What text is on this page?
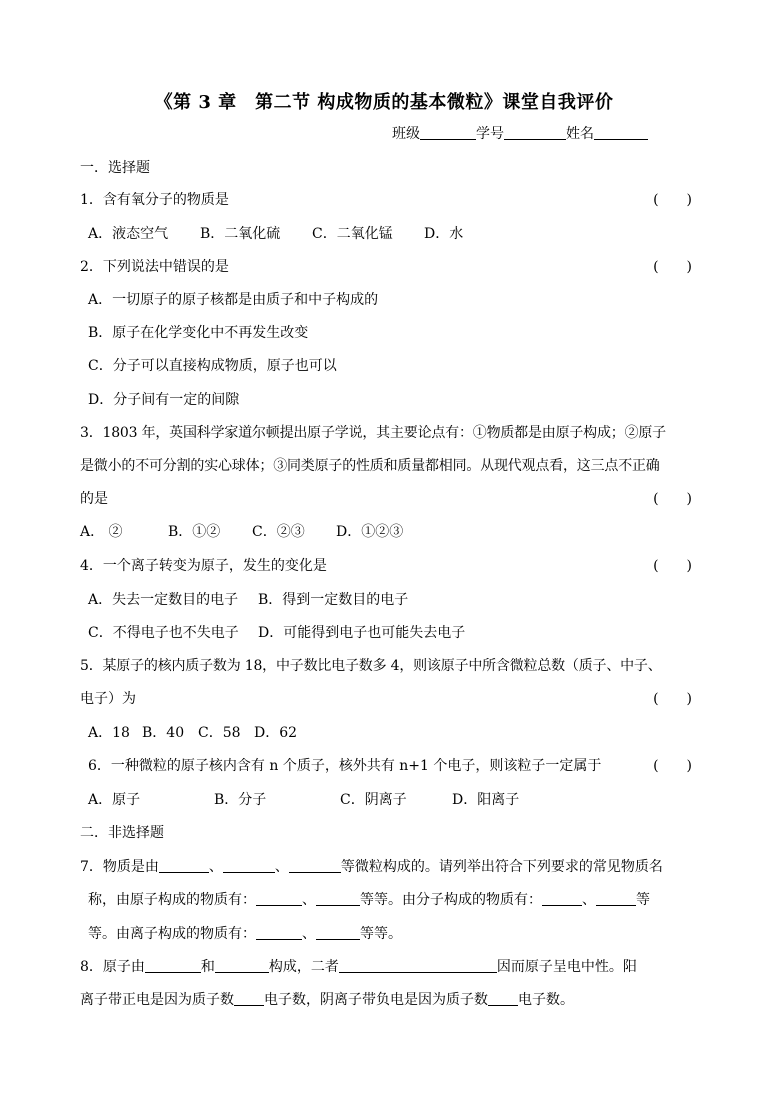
《第 3 章　第二节 构成物质的基本微粒》课堂自我评价
班级	学号	姓名
一．选择题
1．含有氧分子的物质是	(　　)
A．液态空气 B．二氧化硫 C．二氧化锰 D．水
2．下列说法中错误的是	(　　)
A．一切原子的原子核都是由质子和中子构成的
B．原子在化学变化中不再发生改变
C．分子可以直接构成物质，原子也可以
D．分子间有一定的间隙
3．1803 年，英国科学家道尔顿提出原子学说，其主要论点有：①物质都是由原子构成；②原子
是微小的不可分割的实心球体；③同类原子的性质和质量都相同。从现代观点看，这三点不正确
的是	(　　)
A． ②	B．①② C．②③ D．①②③
4．一个离子转变为原子，发生的变化是	(　　)
A．失去一定数目的电子 B．得到一定数目的电子
C．不得电子也不失电子 D．可能得到电子也可能失去电子
5．某原子的核内质子数为 18，中子数比电子数多 4，则该原子中所含微粒总数（质子、中子、
电子）为	(　　)
A．18 B．40 C．58 D．62
6．一种微粒的原子核内含有 n 个质子，核外共有 n+1 个电子，则该粒子一定属于	(　　)
A．原子	B．分子	C．阴离子	D．阳离子
二．非选择题
7．物质是由	、	、	等微粒构成的。请列举出符合下列要求的常见物质名
称，由原子构成的物质有：	、	等等。由分子构成的物质有：	、	等
等。由离子构成的物质有：	、	等等。
8．原子由	和	构成，二者	因而原子呈电中性。阳
离子带正电是因为质子数 电子数，阴离子带负电是因为质子数 电子数。
